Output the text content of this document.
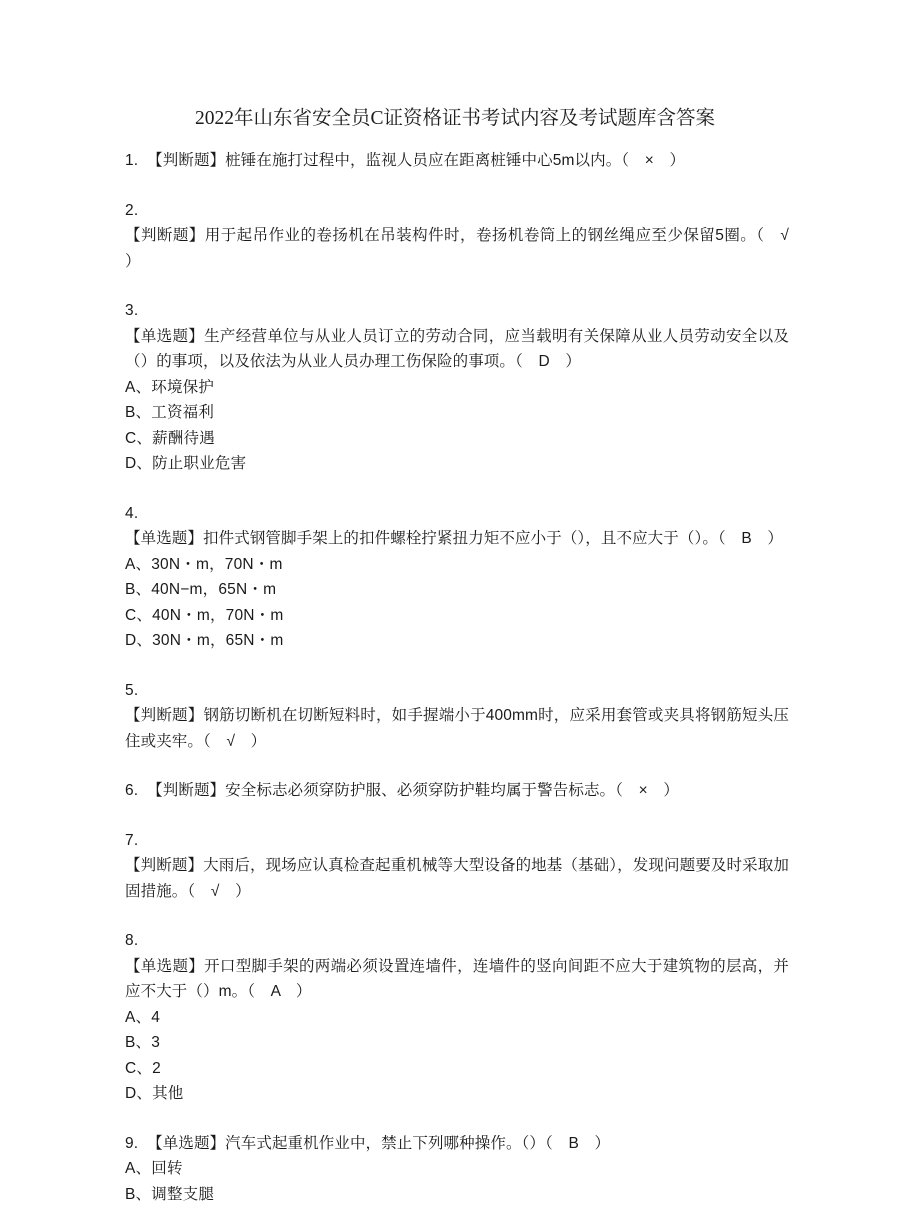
2022年山东省安全员C证资格证书考试内容及考试题库含答案
1. 【判断题】桩锤在施打过程中，监视人员应在距离桩锤中心5m以内。（　×　）
2.
【判断题】用于起吊作业的卷扬机在吊装构件时，卷扬机卷筒上的钢丝绳应至少保留5圈。（　√　）
3.
【单选题】生产经营单位与从业人员订立的劳动合同，应当载明有关保障从业人员劳动安全以及（）的事项，以及依法为从业人员办理工伤保险的事项。（　D　）
A、环境保护
B、工资福利
C、薪酬待遇
D、防止职业危害
4.
【单选题】扣件式钢管脚手架上的扣件螺栓拧紧扭力矩不应小于（），且不应大于（）。（　B　）
A、30N・m，70N・m
B、40N−m，65N・m
C、40N・m，70N・m
D、30N・m，65N・m
5.
【判断题】钢筋切断机在切断短料时，如手握端小于400mm时，应采用套管或夹具将钢筋短头压住或夹牢。（　√　）
6. 【判断题】安全标志必须穿防护服、必须穿防护鞋均属于警告标志。（　×　）
7.
【判断题】大雨后，现场应认真检查起重机械等大型设备的地基（基础），发现问题要及时采取加固措施。（　√　）
8.
【单选题】开口型脚手架的两端必须设置连墙件，连墙件的竖向间距不应大于建筑物的层高，并应不大于（）m。（　A　）
A、4
B、3
C、2
D、其他
9. 【单选题】汽车式起重机作业中，禁止下列哪种操作。（）（　B　）
A、回转
B、调整支腿
